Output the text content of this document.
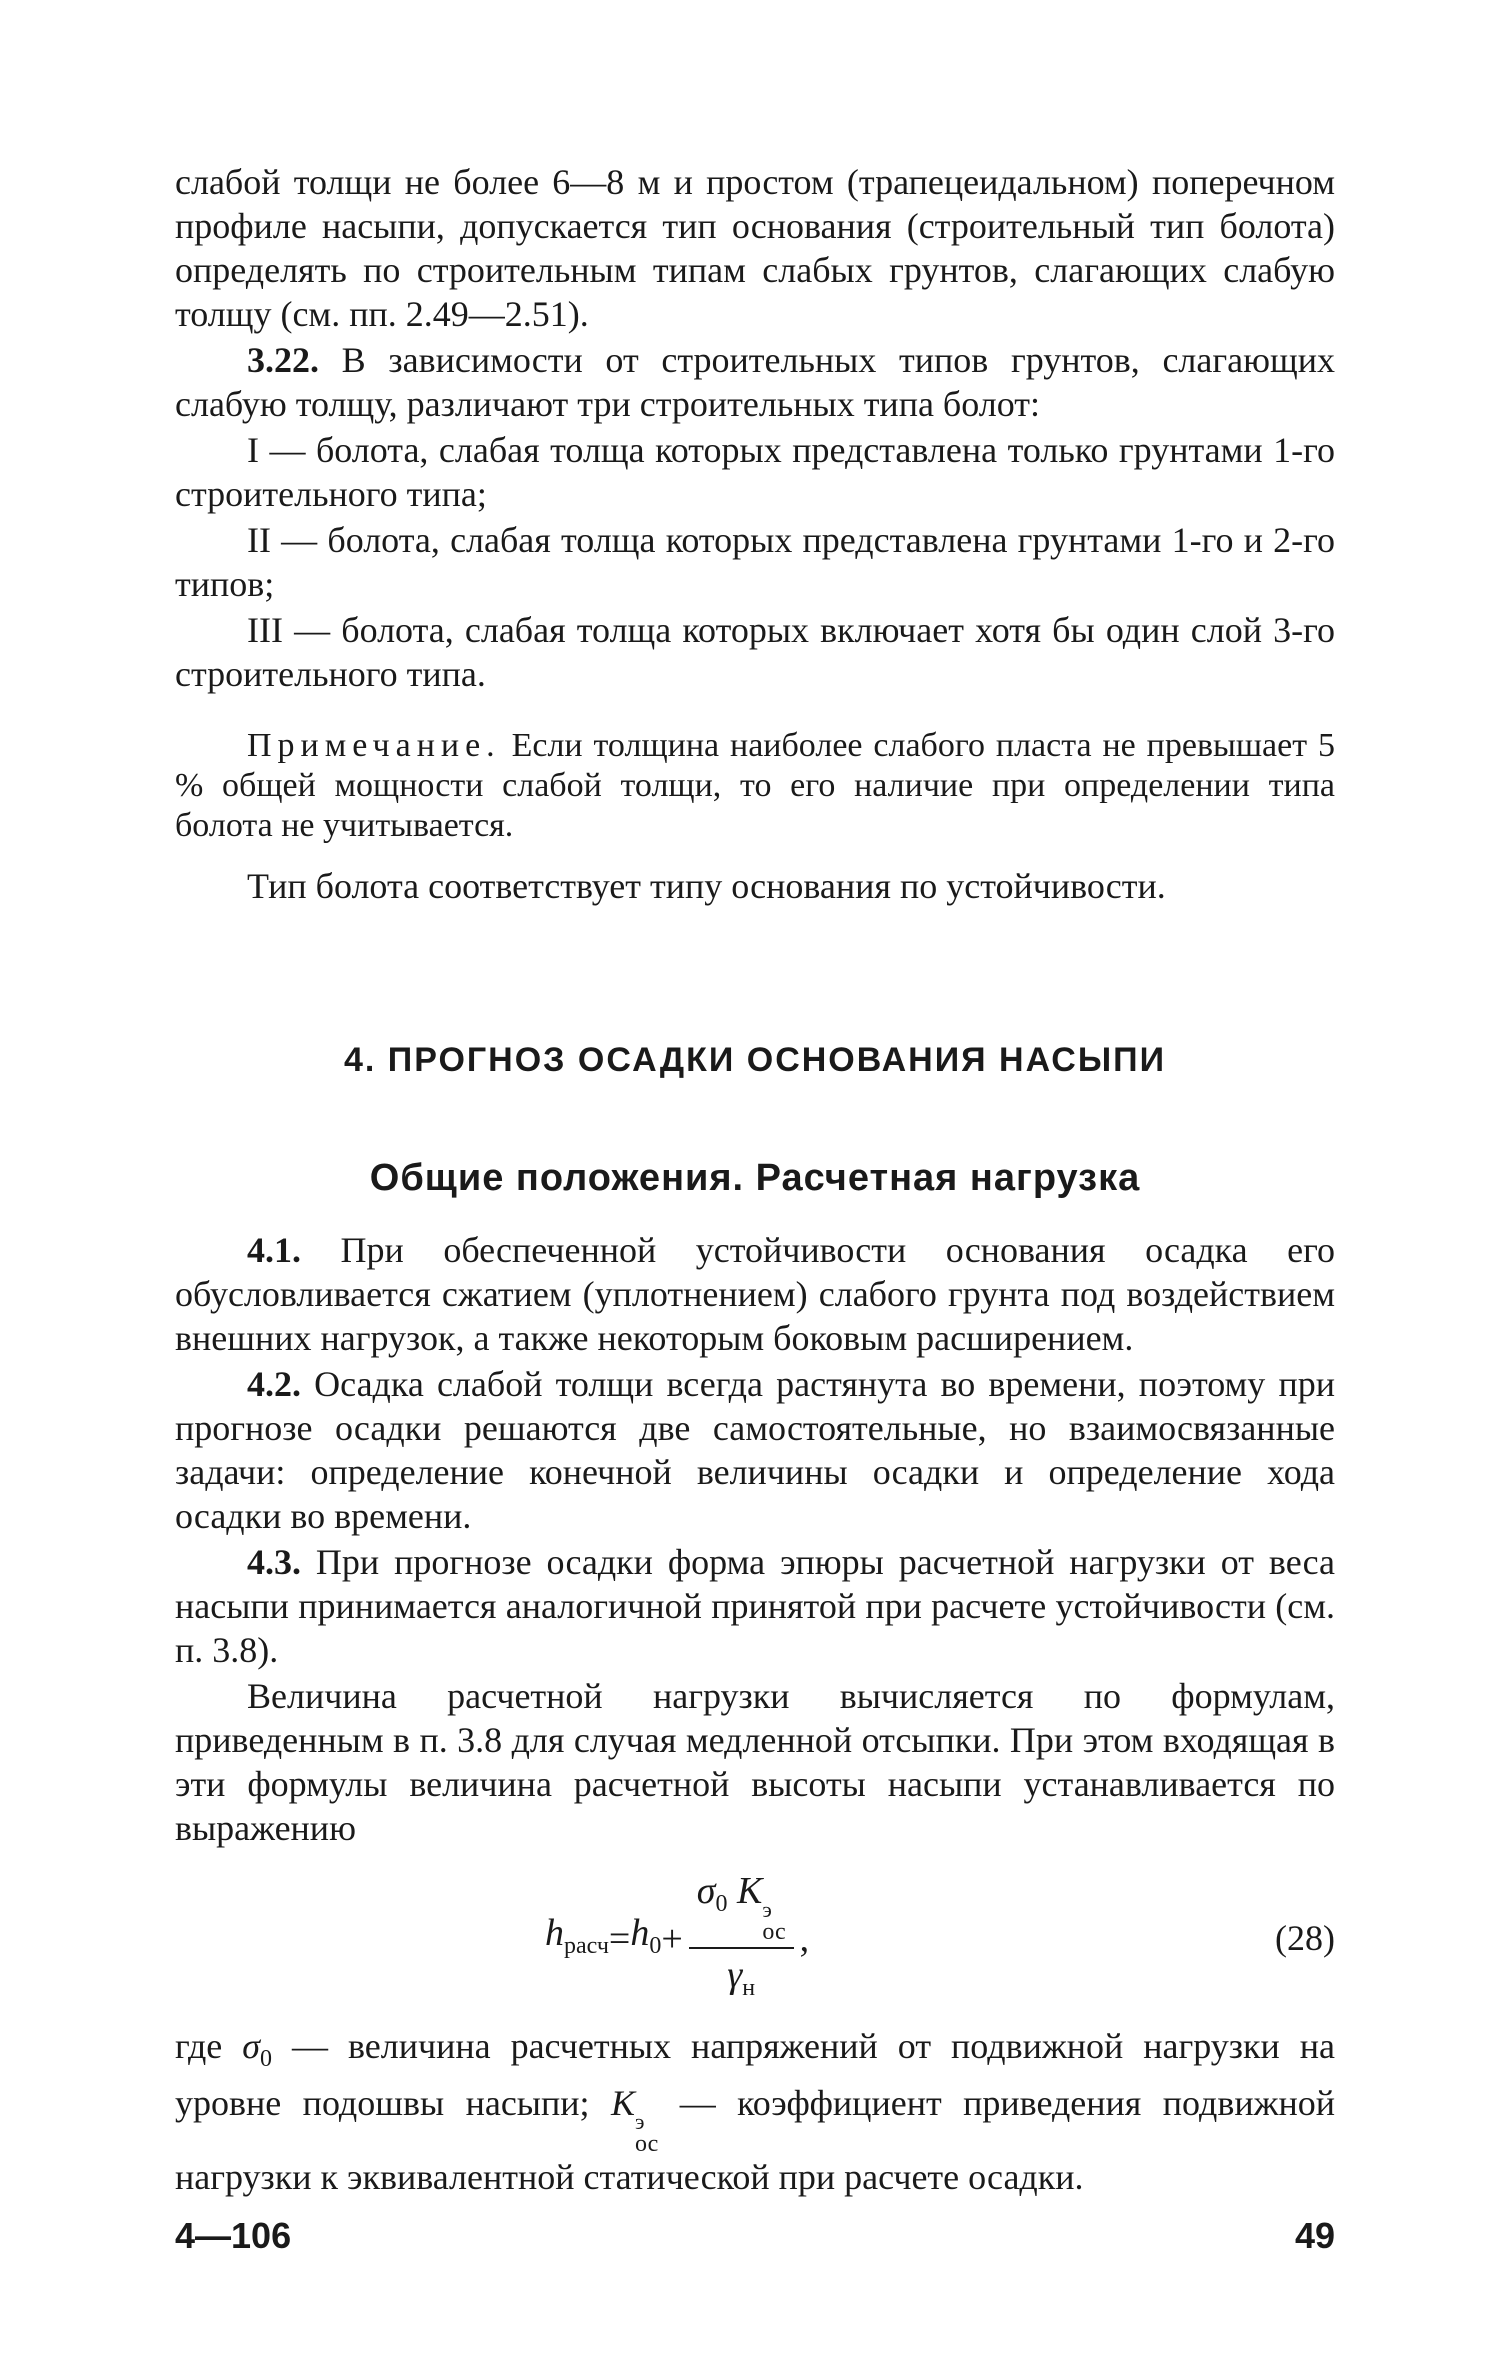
слабой толщи не более 6—8 м и простом (трапецеидальном) поперечном профиле насыпи, допускается тип основания (строительный тип болота) определять по строительным типам слабых грунтов, слагающих слабую толщу (см. пп. 2.49—2.51).

3.22. В зависимости от строительных типов грунтов, слагающих слабую толщу, различают три строительных типа болот:

I — болота, слабая толща которых представлена только грунтами 1-го строительного типа;

II — болота, слабая толща которых представлена грунтами 1-го и 2-го типов;

III — болота, слабая толща которых включает хотя бы один слой 3-го строительного типа.

Примечание. Если толщина наиболее слабого пласта не превышает 5 % общей мощности слабой толщи, то его наличие при определении типа болота не учитывается.

Тип болота соответствует типу основания по устойчивости.

4. ПРОГНОЗ ОСАДКИ ОСНОВАНИЯ НАСЫПИ
Общие положения. Расчетная нагрузка

4.1. При обеспеченной устойчивости основания осадка его обусловливается сжатием (уплотнением) слабого грунта под воздействием внешних нагрузок, а также некоторым боковым расширением.

4.2. Осадка слабой толщи всегда растянута во времени, поэтому при прогнозе осадки решаются две самостоятельные, но взаимосвязанные задачи: определение конечной величины осадки и определение хода осадки во времени.

4.3. При прогнозе осадки форма эпюры расчетной нагрузки от веса насыпи принимается аналогичной принятой при расчете устойчивости (см. п. 3.8).

Величина расчетной нагрузки вычисляется по формулам, приведенным в п. 3.8 для случая медленной отсыпки. При этом входящая в эти формулы величина расчетной высоты насыпи устанавливается по выражению

$h_{расч} = h_0 + \sigma_0$ K э
ос
$\gamma_н$ ,	(28)

где $\sigma_0$ — величина расчетных напряжений от подвижной нагрузки на уровне подошвы насыпи; K э
ос
— коэффициент приведения подвижной нагрузки к эквивалентной статической при расчете осадки.

4—106	49
